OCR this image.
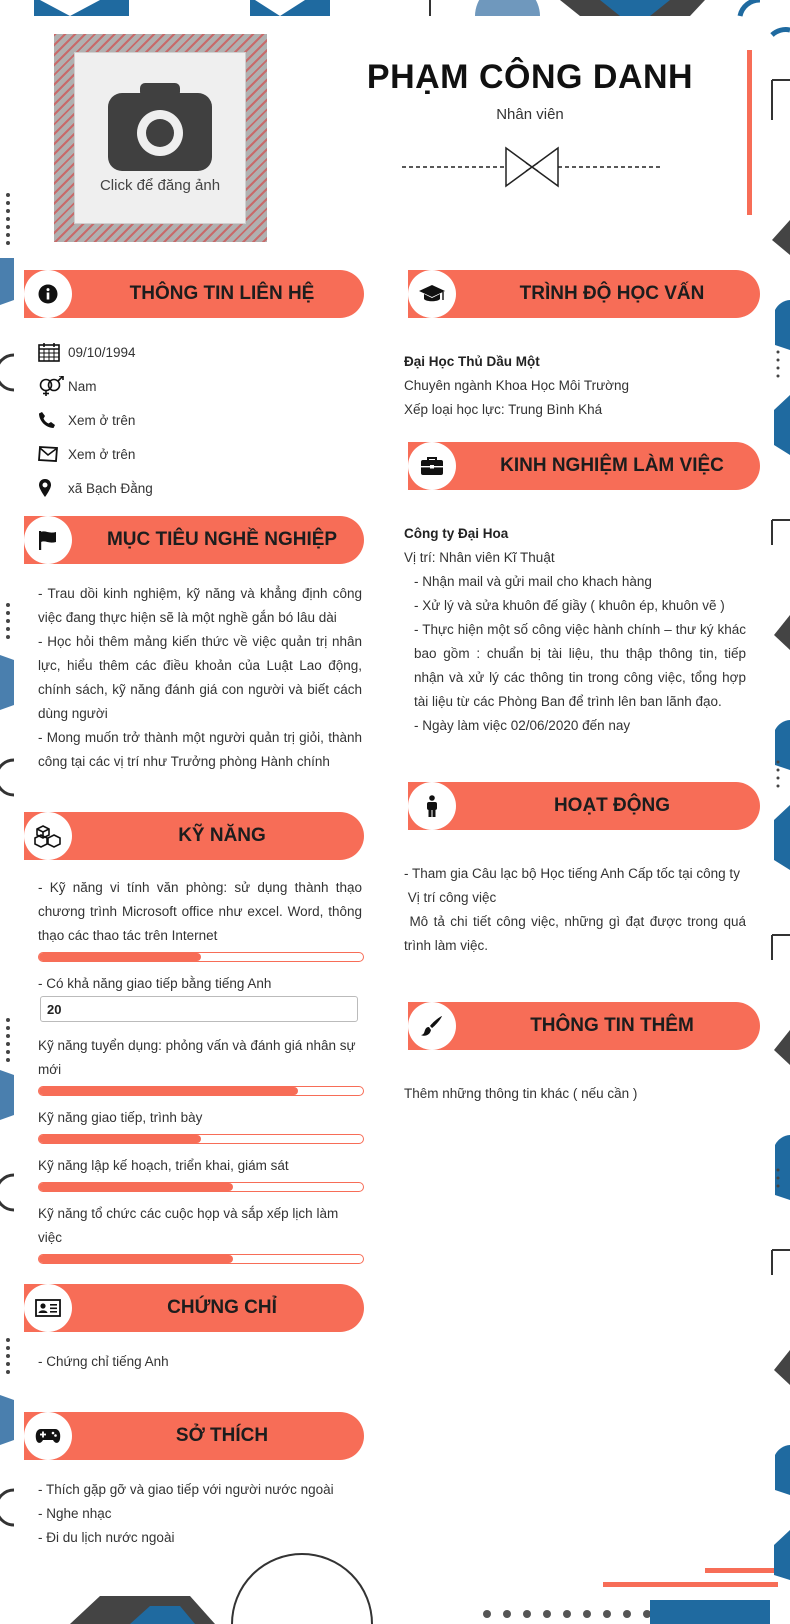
Click để đăng ảnh
PHẠM CÔNG DANH
Nhân viên
THÔNG TIN LIÊN HỆ
09/10/1994
Nam
Xem ở trên
Xem ở trên
xã Bạch Đằng
MỤC TIÊU NGHỀ NGHIỆP
- Trau dồi kinh nghiệm, kỹ năng và khẳng định công việc đang thực hiện sẽ là một nghề gắn bó lâu dài
- Học hỏi thêm mảng kiến thức về việc quản trị nhân lực, hiểu thêm các điều khoản của Luật Lao động, chính sách, kỹ năng đánh giá con người và biết cách dùng người
- Mong muốn trở thành một người quản trị giỏi, thành công tại các vị trí như Trưởng phòng Hành chính
KỸ NĂNG
- Kỹ năng vi tính văn phòng: sử dụng thành thạo chương trình Microsoft office như excel. Word, thông thạo các thao tác trên Internet
- Có khả năng giao tiếp bằng tiếng Anh
20
Kỹ năng tuyển dụng: phỏng vấn và đánh giá nhân sự mới
Kỹ năng giao tiếp, trình bày
Kỹ năng lập kế hoạch, triển khai, giám sát
Kỹ năng tổ chức các cuộc họp và sắp xếp lịch làm việc
CHỨNG CHỈ
- Chứng chỉ tiếng Anh
SỞ THÍCH
- Thích gặp gỡ và giao tiếp với người nước ngoài
- Nghe nhạc
- Đi du lịch nước ngoài
TRÌNH ĐỘ HỌC VẤN
Đại Học Thủ Dầu Một
Chuyên ngành Khoa Học Môi Trường
Xếp loại học lực: Trung Bình Khá
KINH NGHIỆM LÀM VIỆC
Công ty Đại Hoa
Vị trí: Nhân viên Kĩ Thuật
- Nhận mail và gửi mail cho khach hàng
- Xử lý và sửa khuôn đế giầy ( khuôn ép, khuôn vẽ )
- Thực hiện một số công việc hành chính – thư ký khác bao gồm : chuẩn bị tài liệu, thu thập thông tin, tiếp nhận và xử lý các thông tin trong công việc, tổng hợp tài liệu từ các Phòng Ban để trình lên ban lãnh đạo.
- Ngày làm việc 02/06/2020 đến nay
HOẠT ĐỘNG
- Tham gia Câu lạc bộ Học tiếng Anh Cấp tốc tại công ty
Vị trí công việc
Mô tả chi tiết công việc, những gì đạt được trong quá trình làm việc.
THÔNG TIN THÊM
Thêm những thông tin khác ( nếu cần )
